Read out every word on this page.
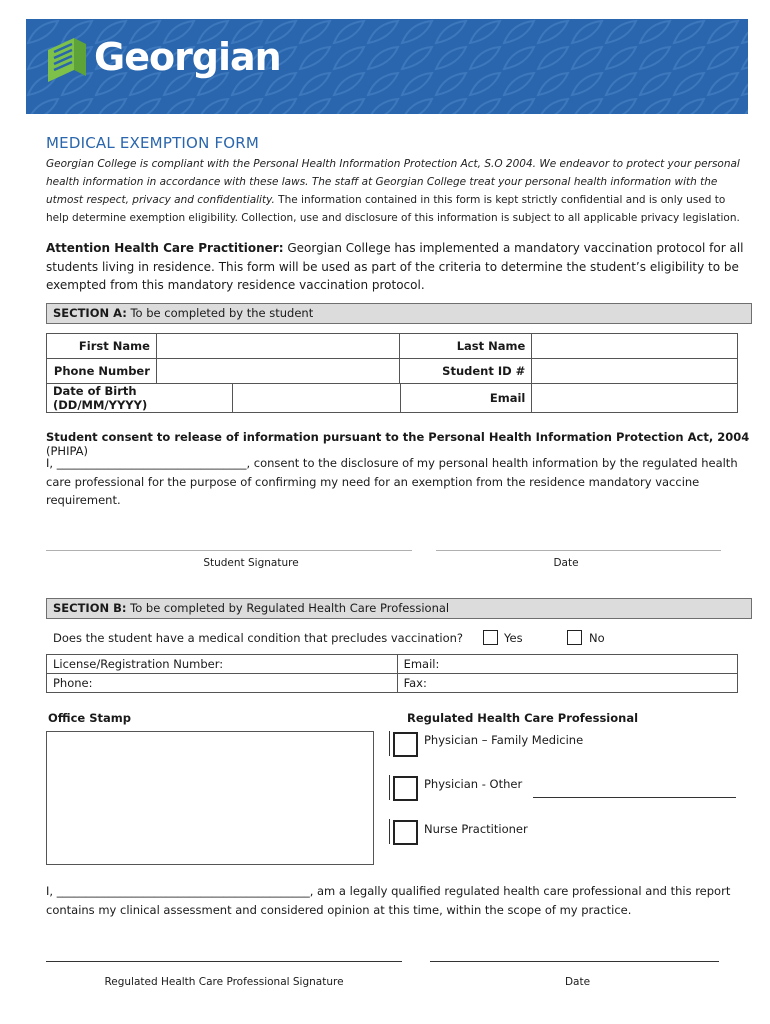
Georgian
MEDICAL EXEMPTION FORM
Georgian College is compliant with the Personal Health Information Protection Act, S.O 2004. We endeavor to protect your personal health information in accordance with these laws. The staff at Georgian College treat your personal health information with the utmost respect, privacy and confidentiality. The information contained in this form is kept strictly confidential and is only used to help determine exemption eligibility. Collection, use and disclosure of this information is subject to all applicable privacy legislation.
Attention Health Care Practitioner: Georgian College has implemented a mandatory vaccination protocol for all students living in residence. This form will be used as part of the criteria to determine the student’s eligibility to be exempted from this mandatory residence vaccination protocol.
SECTION A: To be completed by the student
First Name		Last Name	
Phone Number		Student ID #	
Date of Birth (DD/MM/YYYY)		Email	
Student consent to release of information pursuant to the Personal Health Information Protection Act, 2004 (PHIPA)
I, _________________________________, consent to the disclosure of my personal health information by the regulated health care professional for the purpose of confirming my need for an exemption from the residence mandatory vaccine requirement.
Student Signature	Date
SECTION B: To be completed by Regulated Health Care Professional
Does the student have a medical condition that precludes vaccination?	Yes	No
License/Registration Number:	Email:
Phone:	Fax:
Office Stamp	Regulated Health Care Professional
Physician – Family Medicine
Physician - Other
Nurse Practitioner
I, ____________________________________________, am a legally qualified regulated health care professional and this report contains my clinical assessment and considered opinion at this time, within the scope of my practice.
Regulated Health Care Professional Signature	Date
